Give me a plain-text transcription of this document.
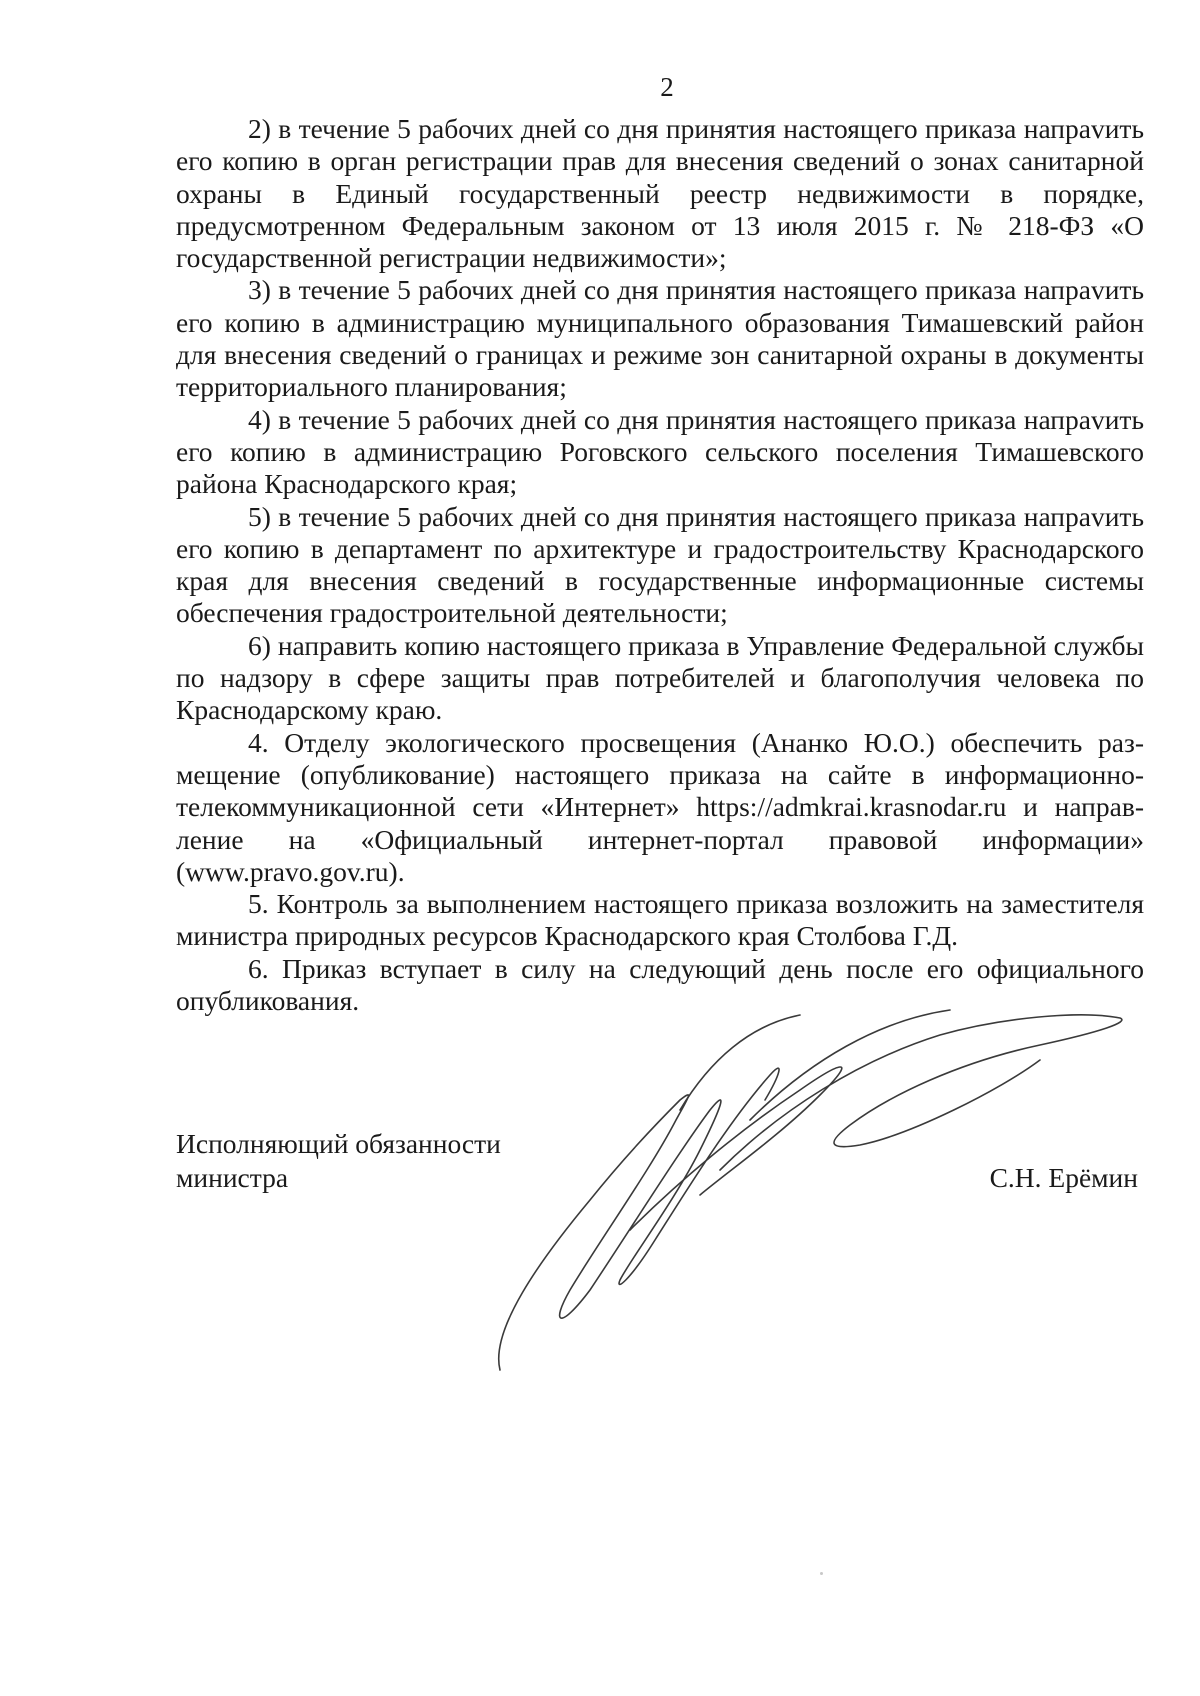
2

2) в течение 5 рабочих дней со дня принятия настоящего приказа напраvить его копию в орган регистрации прав для внесения сведений о зонах санитарной охраны в Единый государственный реестр недвижимости в порядке, предусмотренном Федеральным законом от 13 июля 2015 г. № 218-ФЗ «О государственной регистрации недвижимости»;

3) в течение 5 рабочих дней со дня принятия настоящего приказа напраvить его копию в администрацию муниципального образования Тимашевский район для внесения сведений о границах и режиме зон санитарной охраны в документы территориального планирования;

4) в течение 5 рабочих дней со дня принятия настоящего приказа напраvить его копию в администрацию Роговского сельского поселения Тимашевского района Краснодарского края;

5) в течение 5 рабочих дней со дня принятия настоящего приказа напраvить его копию в департамент по архитектуре и градостроительству Краснодарского края для внесения сведений в государственные информационные системы обеспечения градостроительной деятельности;

6) направить копию настоящего приказа в Управление Федеральной службы по надзору в сфере защиты прав потребителей и благополучия человека по Краснодарскому краю.

4. Отделу экологического просвещения (Ананко Ю.О.) обеспечить размещение (опубликование) настоящего приказа на сайте в информационно-телекоммуникационной сети «Интернет» https://admkrai.krasnodar.ru и направление на «Официальный интернет-портал правовой информации» (www.pravo.gov.ru).

5. Контроль за выполнением настоящего приказа возложить на заместителя министра природных ресурсов Краснодарского края Столбова Г.Д.

6. Приказ вступает в силу на следующий день после его официального опубликования.

Исполняющий обязанности
министра	С.Н. Ерёмин
